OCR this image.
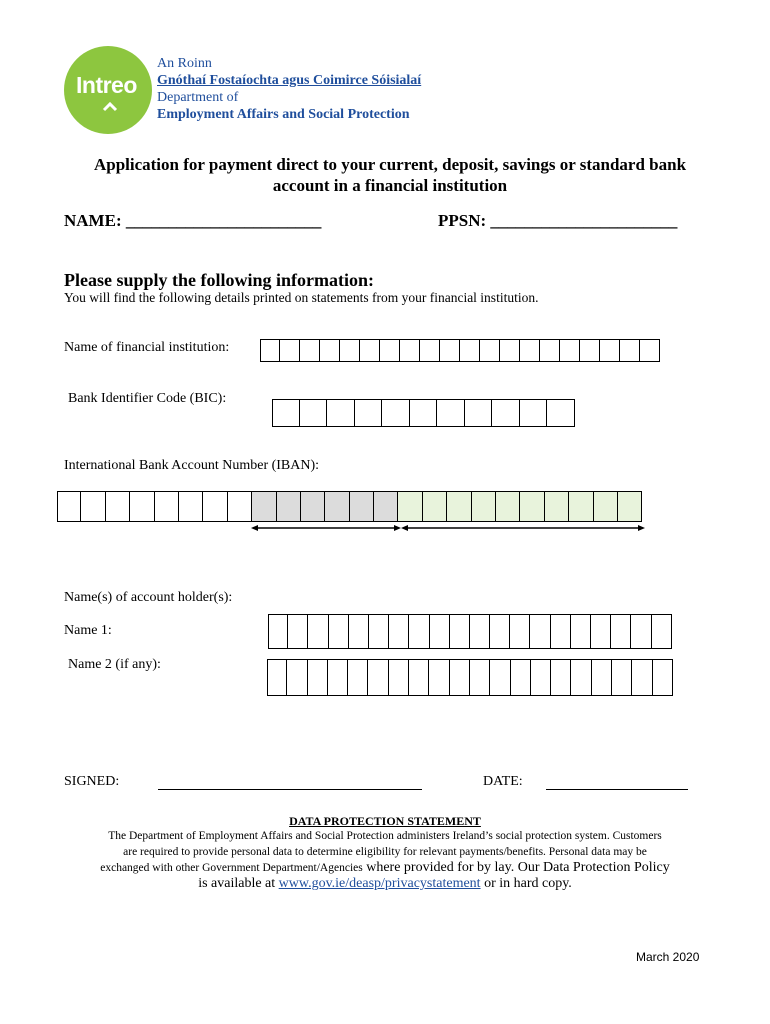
Intreo
An Roinn
Gnóthaí Fostaíochta agus Coimirce Sóisialaí
Department of
Employment Affairs and Social Protection
Application for payment direct to your current, deposit, savings or standard bank
account in a financial institution
NAME: _______________________	PPSN: ______________________
Please supply the following information:
You will find the following details printed on statements from your financial institution.
Name of financial institution:
Bank Identifier Code (BIC):
International Bank Account Number (IBAN):
Name(s) of account holder(s):
Name 1:
Name 2 (if any):
SIGNED:	DATE:
DATA PROTECTION STATEMENT
The Department of Employment Affairs and Social Protection administers Ireland’s social protection system. Customers
are required to provide personal data to determine eligibility for relevant payments/benefits. Personal data may be
exchanged with other Government Department/Agencies where provided for by lay. Our Data Protection Policy
is available at www.gov.ie/deasp/privacystatement or in hard copy.
March 2020
